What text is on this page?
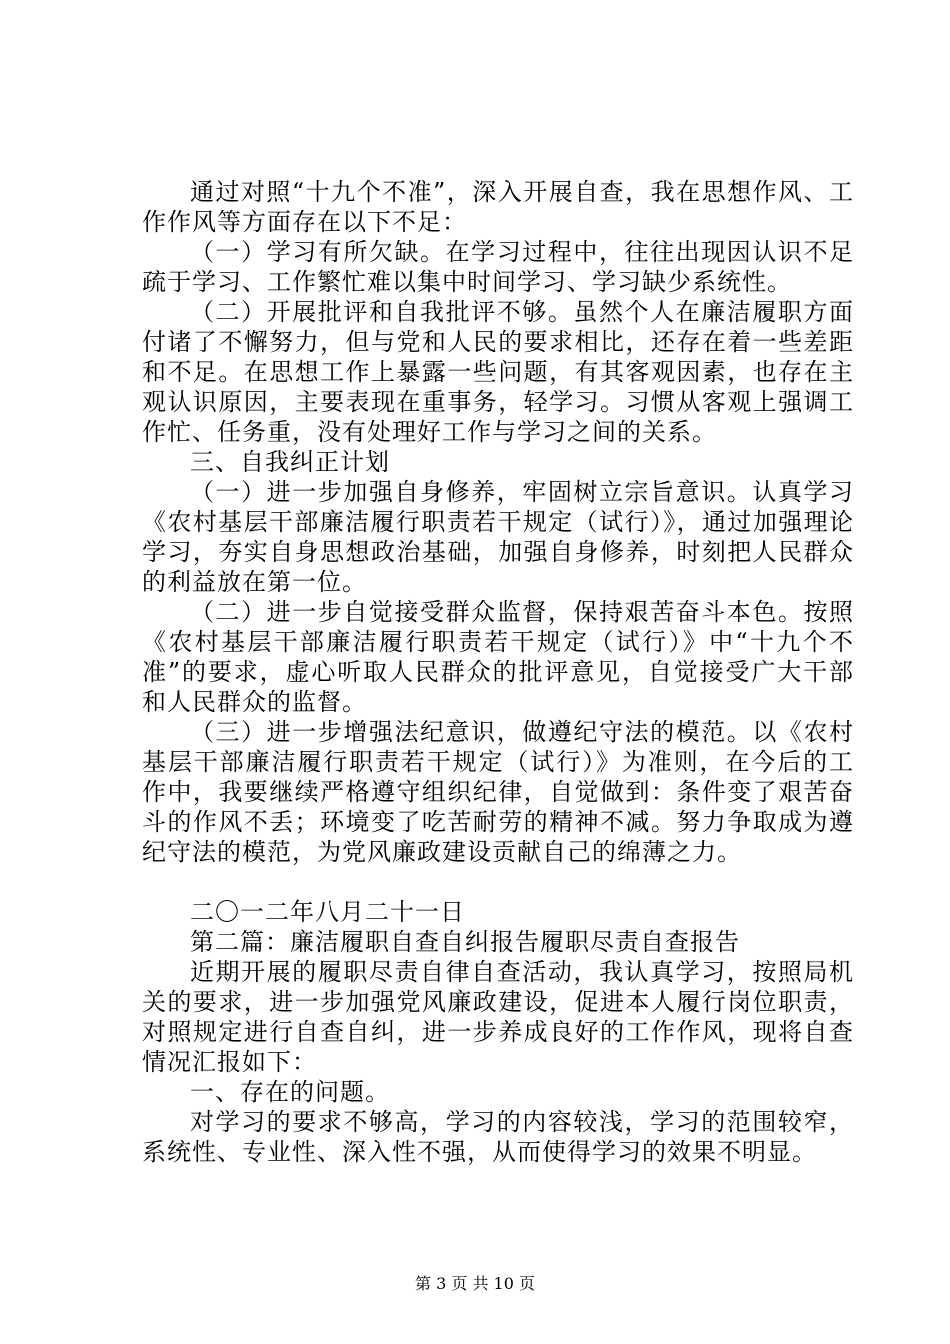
通过对照“十九个不准”，深入开展自查，我在思想作风、工作作风等方面存在以下不足：

（一）学习有所欠缺。在学习过程中，往往出现因认识不足疏于学习、工作繁忙难以集中时间学习、学习缺少系统性。

（二）开展批评和自我批评不够。虽然个人在廉洁履职方面付诸了不懈努力，但与党和人民的要求相比，还存在着一些差距和不足。在思想工作上暴露一些问题，有其客观因素，也存在主观认识原因，主要表现在重事务，轻学习。习惯从客观上强调工作忙、任务重，没有处理好工作与学习之间的关系。

三、自我纠正计划

（一）进一步加强自身修养，牢固树立宗旨意识。认真学习《农村基层干部廉洁履行职责若干规定（试行）》，通过加强理论学习，夯实自身思想政治基础，加强自身修养，时刻把人民群众的利益放在第一位。

（二）进一步自觉接受群众监督，保持艰苦奋斗本色。按照《农村基层干部廉洁履行职责若干规定（试行）》中“十九个不准”的要求，虚心听取人民群众的批评意见，自觉接受广大干部和人民群众的监督。

（三）进一步增强法纪意识，做遵纪守法的模范。以《农村基层干部廉洁履行职责若干规定（试行）》为准则，在今后的工作中，我要继续严格遵守组织纪律，自觉做到：条件变了艰苦奋斗的作风不丢；环境变了吃苦耐劳的精神不减。努力争取成为遵纪守法的模范，为党风廉政建设贡献自己的绵薄之力。

二〇一二年八月二十一日

第二篇：廉洁履职自查自纠报告履职尽责自查报告

近期开展的履职尽责自律自查活动，我认真学习，按照局机关的要求，进一步加强党风廉政建设，促进本人履行岗位职责，对照规定进行自查自纠，进一步养成良好的工作作风，现将自查情况汇报如下：

一、存在的问题。

对学习的要求不够高，学习的内容较浅，学习的范围较窄，系统性、专业性、深入性不强，从而使得学习的效果不明显。

第 3 页 共 10 页
